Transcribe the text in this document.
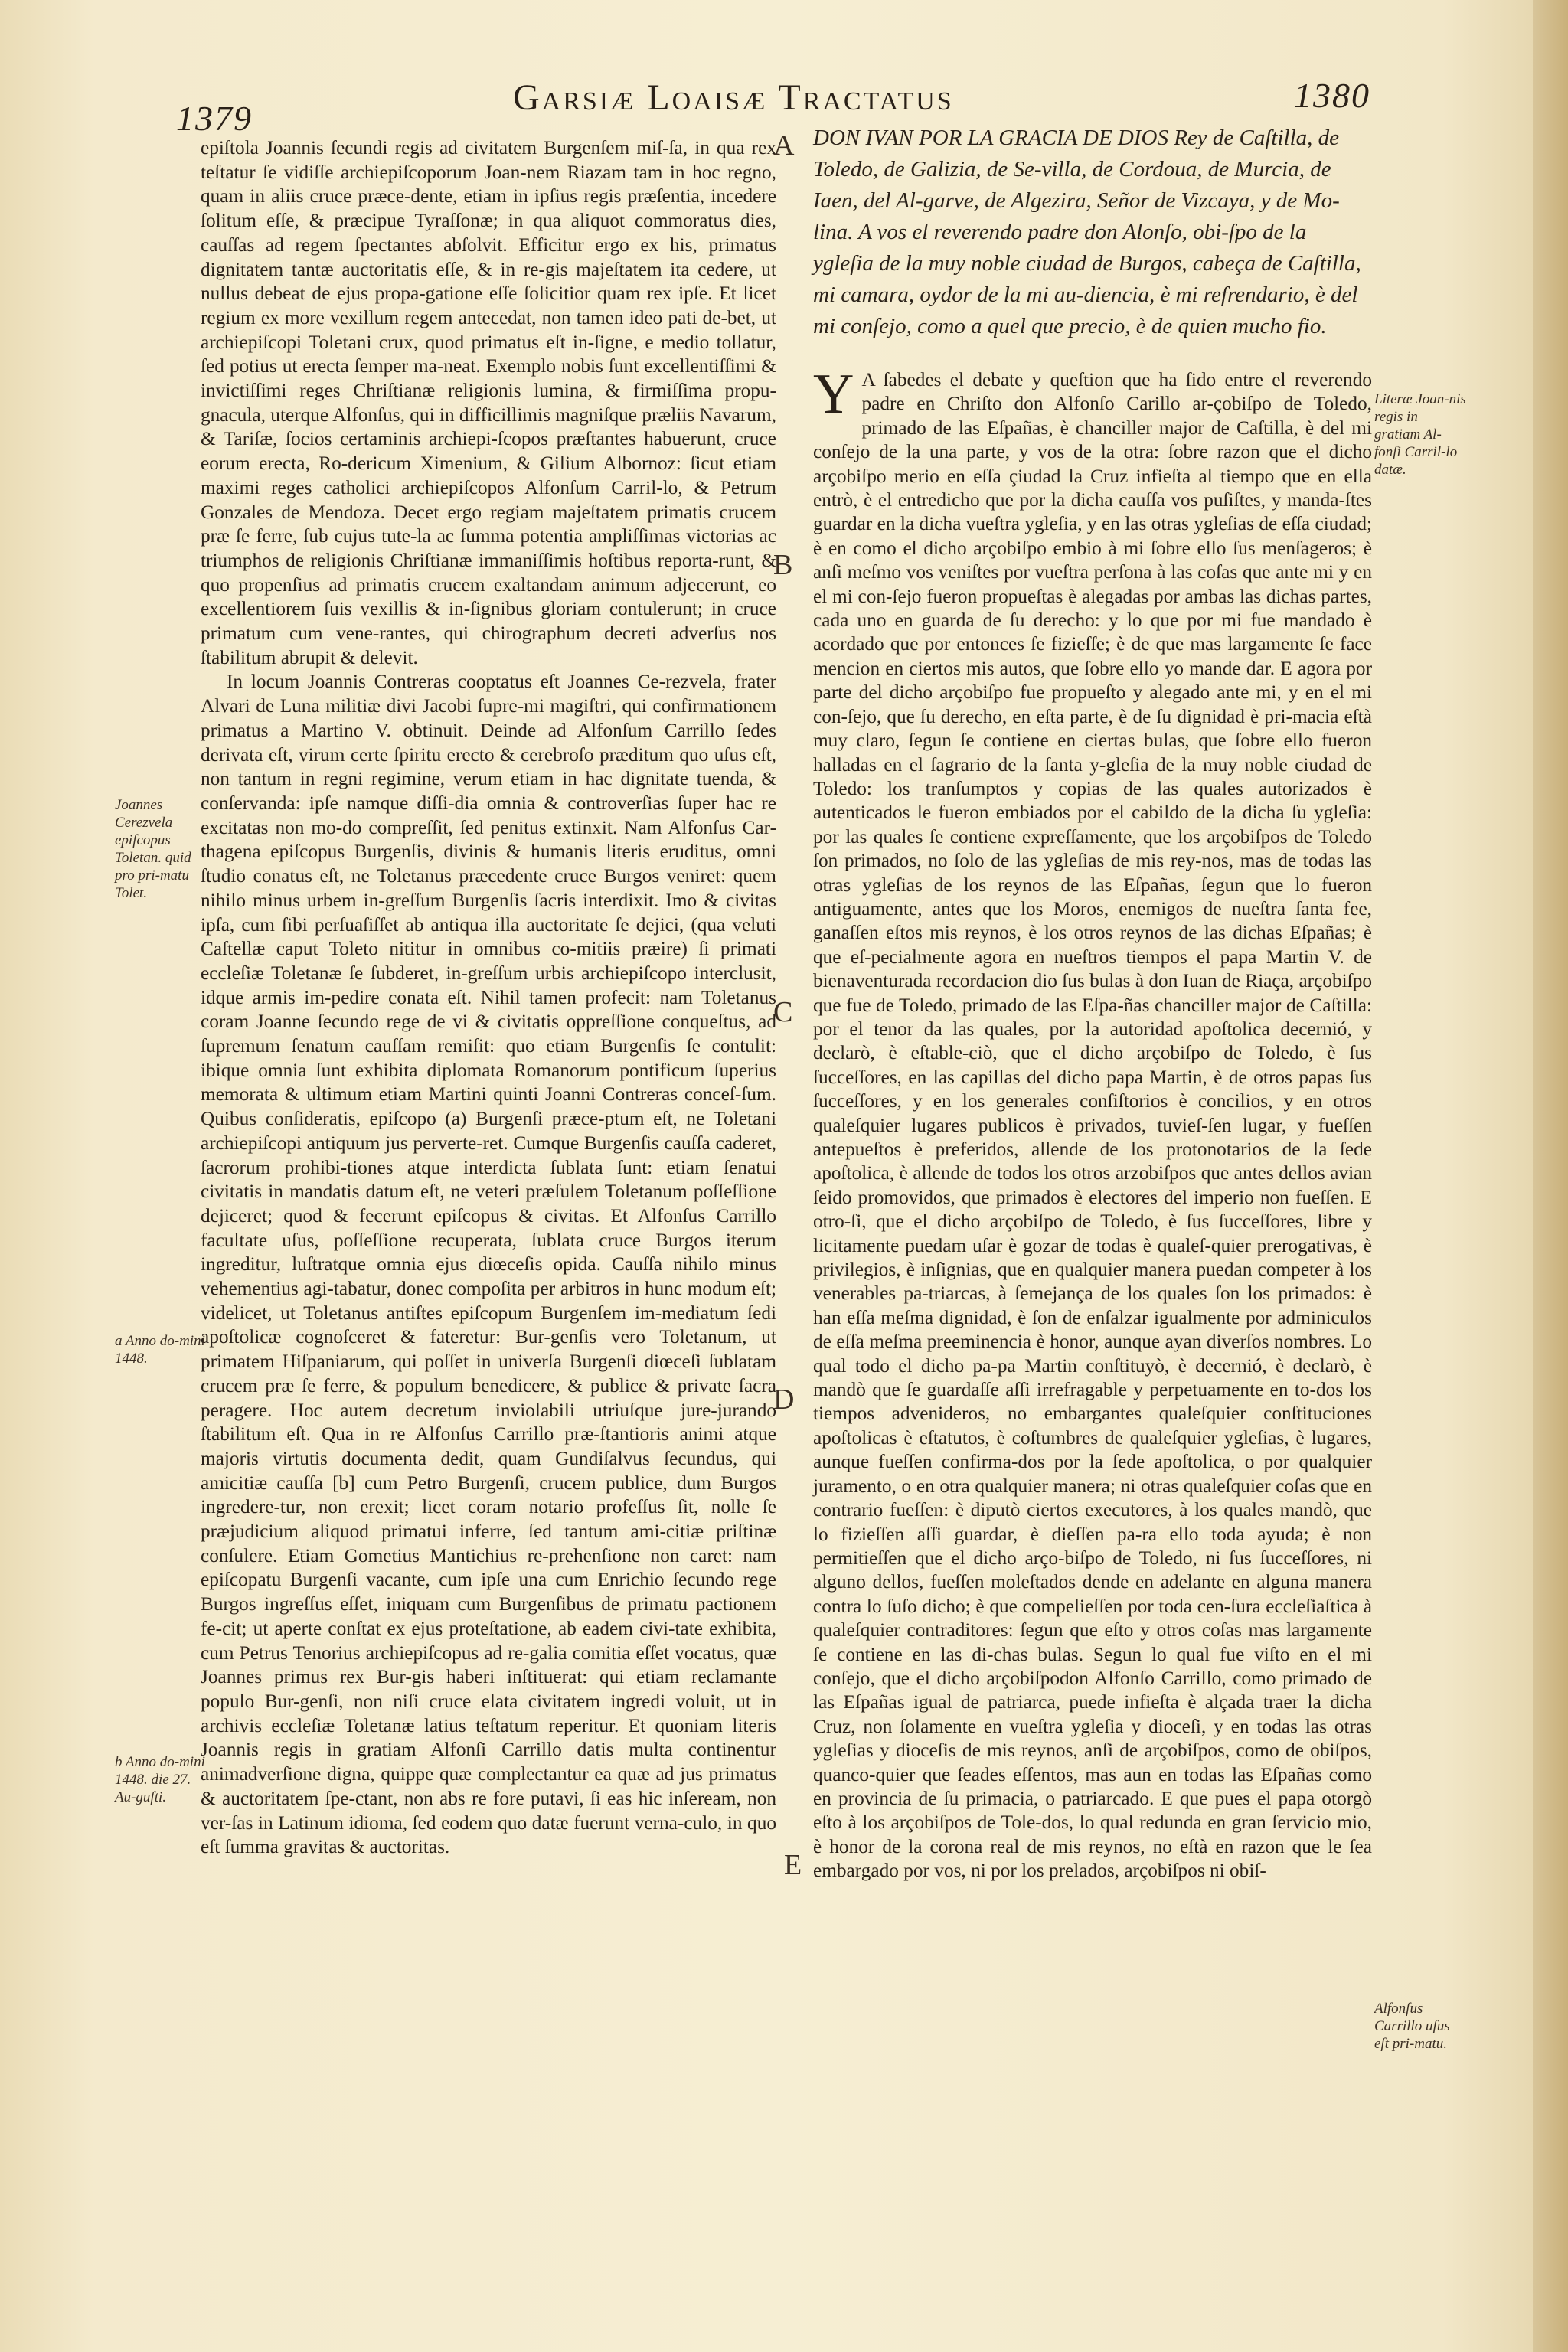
1379
Garsiæ Loaisæ Tractatus	1380

epiſtola Joannis ſecundi regis ad civitatem Burgenſem miſ-ſa, in qua rex teſtatur ſe vidiſſe archiepiſcoporum Joan-nem Riazam tam in hoc regno, quam in aliis cruce præce-dente, etiam in ipſius regis præſentia, incedere ſolitum eſſe, & præcipue Tyraſſonæ; in qua aliquot commoratus dies, cauſſas ad regem ſpectantes abſolvit. Efficitur ergo ex his, primatus dignitatem tantæ auctoritatis eſſe, & in re-gis majeſtatem ita cedere, ut nullus debeat de ejus propa-gatione eſſe ſolicitior quam rex ipſe. Et licet regium ex more vexillum regem antecedat, non tamen ideo pati de-bet, ut archiepiſcopi Toletani crux, quod primatus eſt in-ſigne, e medio tollatur, ſed potius ut erecta ſemper ma-neat. Exemplo nobis ſunt excellentiſſimi & invictiſſimi reges Chriſtianæ religionis lumina, & firmiſſima propu-gnacula, uterque Alfonſus, qui in difficillimis magniſque præliis Navarum, & Tariſæ, ſocios certaminis archiepi-ſcopos præſtantes habuerunt, cruce eorum erecta, Ro-dericum Ximenium, & Gilium Albornoz: ſicut etiam maximi reges catholici archiepiſcopos Alfonſum Carril-lo, & Petrum Gonzales de Mendoza. Decet ergo regiam majeſtatem primatis crucem præ ſe ferre, ſub cujus tute-la ac ſumma potentia ampliſſimas victorias ac triumphos de religionis Chriſtianæ immaniſſimis hoſtibus reporta-runt, & quo propenſius ad primatis crucem exaltandam animum adjecerunt, eo excellentiorem ſuis vexillis & in-ſignibus gloriam contulerunt; in cruce primatum cum vene-rantes, qui chirographum decreti adverſus nos ſtabilitum abrupit & delevit.

In locum Joannis Contreras cooptatus eſt Joannes Ce-rezvela, frater Alvari de Luna militiæ divi Jacobi ſupre-mi magiſtri, qui confirmationem primatus a Martino V. obtinuit. Deinde ad Alfonſum Carrillo ſedes derivata eſt, virum certe ſpiritu erecto & cerebroſo præditum quo uſus eſt, non tantum in regni regimine, verum etiam in hac dignitate tuenda, & conſervanda: ipſe namque diſſi-dia omnia & controverſias ſuper hac re excitatas non mo-do compreſſit, ſed penitus extinxit. Nam Alfonſus Car-thagena epiſcopus Burgenſis, divinis & humanis literis eruditus, omni ſtudio conatus eſt, ne Toletanus præcedente cruce Burgos veniret: quem nihilo minus urbem in-greſſum Burgenſis ſacris interdixit. Imo & civitas ipſa, cum ſibi perſuaſiſſet ab antiqua illa auctoritate ſe dejici, (qua veluti Caſtellæ caput Toleto nititur in omnibus co-mitiis præire) ſi primati eccleſiæ Toletanæ ſe ſubderet, in-greſſum urbis archiepiſcopo interclusit, idque armis im-pedire conata eſt. Nihil tamen profecit: nam Toletanus coram Joanne ſecundo rege de vi & civitatis oppreſſione conqueſtus, ad ſupremum ſenatum cauſſam remiſit: quo etiam Burgenſis ſe contulit: ibique omnia ſunt exhibita diplomata Romanorum pontificum ſuperius memorata & ultimum etiam Martini quinti Joanni Contreras conceſ-ſum. Quibus conſideratis, epiſcopo (a) Burgenſi præce-ptum eſt, ne Toletani archiepiſcopi antiquum jus perverte-ret. Cumque Burgenſis cauſſa caderet, ſacrorum prohibi-tiones atque interdicta ſublata ſunt: etiam ſenatui civitatis in mandatis datum eſt, ne veteri præſulem Toletanum poſſeſſione dejiceret; quod & fecerunt epiſcopus & civitas. Et Alfonſus Carrillo facultate uſus, poſſeſſione recuperata, ſublata cruce Burgos iterum ingreditur, luſtratque omnia ejus diœceſis opida. Cauſſa nihilo minus vehementius agi-tabatur, donec compoſita per arbitros in hunc modum eſt; videlicet, ut Toletanus antiſtes epiſcopum Burgenſem im-mediatum ſedi apoſtolicæ cognoſceret & fateretur: Bur-genſis vero Toletanum, ut primatem Hiſpaniarum, qui poſſet in univerſa Burgenſi diœceſi ſublatam crucem præ ſe ferre, & populum benedicere, & publice & private ſacra peragere. Hoc autem decretum inviolabili utriuſque jure-jurando ſtabilitum eſt. Qua in re Alfonſus Carrillo præ-ſtantioris animi atque majoris virtutis documenta dedit, quam Gundiſalvus ſecundus, qui amicitiæ cauſſa [b] cum Petro Burgenſi, crucem publice, dum Burgos ingredere-tur, non erexit; licet coram notario profeſſus ſit, nolle ſe præjudicium aliquod primatui inferre, ſed tantum ami-citiæ priſtinæ conſulere. Etiam Gometius Mantichius re-prehenſione non caret: nam epiſcopatu Burgenſi vacante, cum ipſe una cum Enrichio ſecundo rege Burgos ingreſſus eſſet, iniquam cum Burgenſibus de primatu pactionem fe-cit; ut aperte conſtat ex ejus proteſtatione, ab eadem civi-tate exhibita, cum Petrus Tenorius archiepiſcopus ad re-galia comitia eſſet vocatus, quæ Joannes primus rex Bur-gis haberi inſtituerat: qui etiam reclamante populo Bur-genſi, non niſi cruce elata civitatem ingredi voluit, ut in archivis eccleſiæ Toletanæ latius teſtatum reperitur. Et quoniam literis Joannis regis in gratiam Alfonſi Carrillo datis multa continentur animadverſione digna, quippe quæ complectantur ea quæ ad jus primatus & auctoritatem ſpe-ctant, non abs re fore putavi, ſi eas hic inſeream, non ver-ſas in Latinum idioma, ſed eodem quo datæ fuerunt verna-culo, in quo eſt ſumma gravitas & auctoritas.

DON IVAN POR LA GRACIA DE DIOS Rey de Caſtilla, de Toledo, de Galizia, de Se-villa, de Cordoua, de Murcia, de Iaen, del Al-garve, de Algezira, Señor de Vizcaya, y de Mo-lina. A vos el reverendo padre don Alonſo, obi-ſpo de la ygleſia de la muy noble ciudad de Burgos, cabeça de Caſtilla, mi camara, oydor de la mi au-diencia, è mi refrendario, è del mi conſejo, como a quel que precio, è de quien mucho fio.

Y A ſabedes el debate y queſtion que ha ſido entre el reverendo padre en Chriſto don Alfonſo Carillo ar-çobiſpo de Toledo, primado de las Eſpañas, è chanciller major de Caſtilla, è del mi conſejo de la una parte, y vos de la otra: ſobre razon que el dicho arçobiſpo merio en eſſa çiudad la Cruz infieſta al tiempo que en ella entrò, è el entredicho que por la dicha cauſſa vos puſiſtes, y manda-ſtes guardar en la dicha vueſtra ygleſia, y en las otras ygleſias de eſſa ciudad; è en como el dicho arçobiſpo embio à mi ſobre ello ſus menſageros; è anſi meſmo vos veniſtes por vueſtra perſona à las coſas que ante mi y en el mi con-ſejo fueron propueſtas è alegadas por ambas las dichas partes, cada uno en guarda de ſu derecho: y lo que por mi fue mandado è acordado que por entonces ſe fizieſſe; è de que mas largamente ſe face mencion en ciertos mis autos, que ſobre ello yo mande dar. E agora por parte del dicho arçobiſpo fue propueſto y alegado ante mi, y en el mi con-ſejo, que ſu derecho, en eſta parte, è de ſu dignidad è pri-macia eſtà muy claro, ſegun ſe contiene en ciertas bulas, que ſobre ello fueron halladas en el ſagrario de la ſanta y-gleſia de la muy noble ciudad de Toledo: los tranſumptos y copias de las quales autorizados è autenticados le fueron embiados por el cabildo de la dicha ſu ygleſia: por las quales ſe contiene expreſſamente, que los arçobiſpos de Toledo ſon primados, no ſolo de las ygleſias de mis rey-nos, mas de todas las otras ygleſias de los reynos de las Eſpañas, ſegun que lo fueron antiguamente, antes que los Moros, enemigos de nueſtra ſanta fee, ganaſſen eſtos mis reynos, è los otros reynos de las dichas Eſpañas; è que eſ-pecialmente agora en nueſtros tiempos el papa Martin V. de bienaventurada recordacion dio ſus bulas à don Iuan de Riaça, arçobiſpo que fue de Toledo, primado de las Eſpa-ñas chanciller major de Caſtilla: por el tenor da las quales, por la autoridad apoſtolica decernió, y declarò, è eſtable-ciò, que el dicho arçobiſpo de Toledo, è ſus ſucceſſores, en las capillas del dicho papa Martin, è de otros papas ſus ſucceſſores, y en los generales conſiſtorios è concilios, y en otros qualeſquier lugares publicos è privados, tuvieſ-ſen lugar, y fueſſen antepueſtos è preferidos, allende de los protonotarios de la ſede apoſtolica, è allende de todos los otros arzobiſpos que antes dellos avian ſeido promovidos, que primados è electores del imperio non fueſſen. E otro-ſi, que el dicho arçobiſpo de Toledo, è ſus ſucceſſores, libre y licitamente puedam uſar è gozar de todas è qualeſ-quier prerogativas, è privilegios, è inſignias, que en qualquier manera puedan competer à los venerables pa-triarcas, à ſemejança de los quales ſon los primados: è han eſſa meſma dignidad, è ſon de enſalzar igualmente por adminiculos de eſſa meſma preeminencia è honor, aunque ayan diverſos nombres. Lo qual todo el dicho pa-pa Martin conſtituyò, è decernió, è declarò, è mandò que ſe guardaſſe aſſi irrefragable y perpetuamente en to-dos los tiempos advenideros, no embargantes qualeſquier conſtituciones apoſtolicas è eſtatutos, è coſtumbres de qualeſquier ygleſias, è lugares, aunque fueſſen confirma-dos por la ſede apoſtolica, o por qualquier juramento, o en otra qualquier manera; ni otras qualeſquier coſas que en contrario fueſſen: è diputò ciertos executores, à los quales mandò, que lo fizieſſen aſſi guardar, è dieſſen pa-ra ello toda ayuda; è non permitieſſen que el dicho arço-biſpo de Toledo, ni ſus ſucceſſores, ni alguno dellos, fueſſen moleſtados dende en adelante en alguna manera contra lo ſuſo dicho; è que compelieſſen por toda cen-ſura eccleſiaſtica à qualeſquier contraditores: ſegun que eſto y otros coſas mas largamente ſe contiene en las di-chas bulas. Segun lo qual fue viſto en el mi conſejo, que el dicho arçobiſpodon Alfonſo Carrillo, como primado de las Eſpañas igual de patriarca, puede infieſta è alçada traer la dicha Cruz, non ſolamente en vueſtra ygleſia y dioceſi, y en todas las otras ygleſias y dioceſis de mis reynos, anſi de arçobiſpos, como de obiſpos, quanco-quier que ſeades eſſentos, mas aun en todas las Eſpañas como en provincia de ſu primacia, o patriarcado. E que pues el papa otorgò eſto à los arçobiſpos de Tole-dos, lo qual redunda en gran ſervicio mio, è honor de la corona real de mis reynos, no eſtà en razon que le ſea embargado por vos, ni por los prelados, arçobiſpos ni obiſ-

A
B
C
D
E
Joannes Cerezvela epiſcopus Toletan. quid pro pri-matu Tolet.
a Anno do-mini 1448.
b Anno do-mini 1448. die 27. Au-guſti.
Literæ Joan-nis regis in gratiam Al-fonſi Carril-lo datæ.
Alfonſus Carrillo uſus eſt pri-matu.
